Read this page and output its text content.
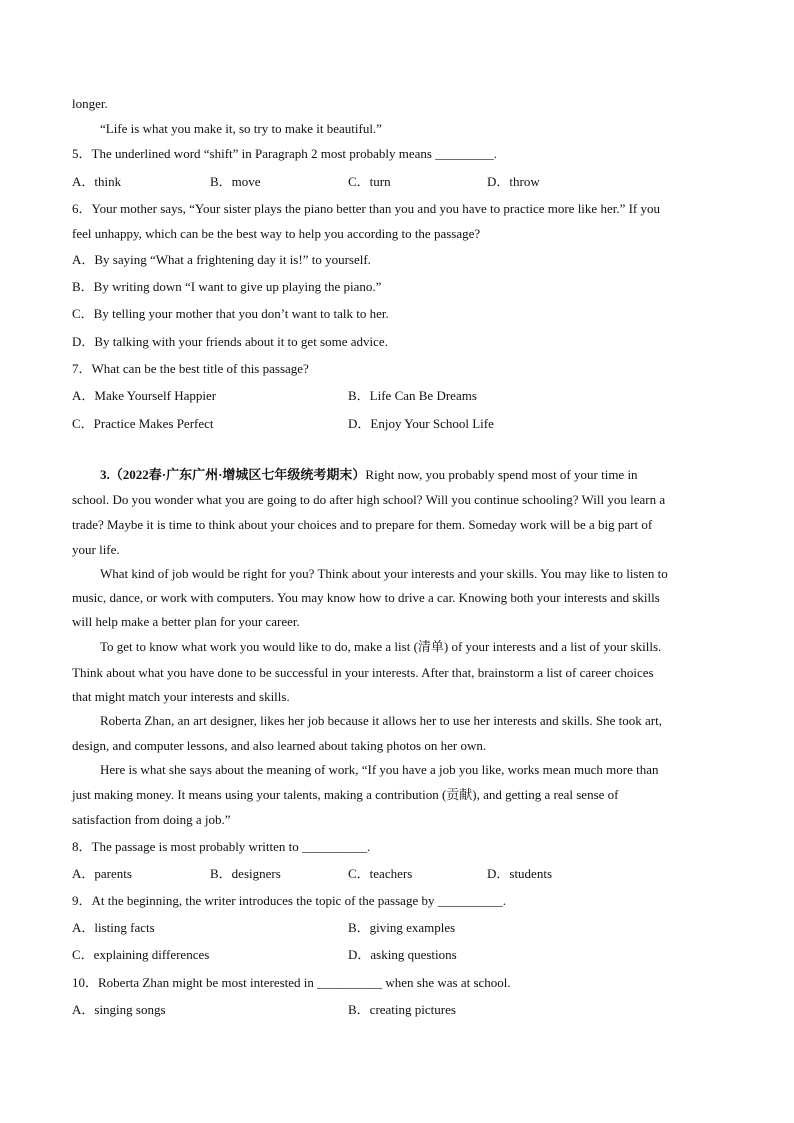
longer.
“Life is what you make it, so try to make it beautiful.”
5．The underlined word “shift” in Paragraph 2 most probably means _________.
A．think	B．move	C．turn	D．throw
6．Your mother says, “Your sister plays the piano better than you and you have to practice more like her.” If you
feel unhappy, which can be the best way to help you according to the passage?
A．By saying “What a frightening day it is!” to yourself.
B．By writing down “I want to give up playing the piano.”
C．By telling your mother that you don’t want to talk to her.
D．By talking with your friends about it to get some advice.
7．What can be the best title of this passage?
A．Make Yourself Happier	B．Life Can Be Dreams
C．Practice Makes Perfect	D．Enjoy Your School Life
3.（2022春·广东广州·增城区七年级统考期末）Right now, you probably spend most of your time in
school. Do you wonder what you are going to do after high school? Will you continue schooling? Will you learn a
trade? Maybe it is time to think about your choices and to prepare for them. Someday work will be a big part of
your life.
What kind of job would be right for you? Think about your interests and your skills. You may like to listen to
music, dance, or work with computers. You may know how to drive a car. Knowing both your interests and skills
will help make a better plan for your career.
To get to know what work you would like to do, make a list (清单) of your interests and a list of your skills.
Think about what you have done to be successful in your interests. After that, brainstorm a list of career choices
that might match your interests and skills.
Roberta Zhan, an art designer, likes her job because it allows her to use her interests and skills. She took art,
design, and computer lessons, and also learned about taking photos on her own.
Here is what she says about the meaning of work, “If you have a job you like, works mean much more than
just making money. It means using your talents, making a contribution (贡献), and getting a real sense of
satisfaction from doing a job.”
8．The passage is most probably written to __________.
A．parents	B．designers	C．teachers	D．students
9．At the beginning, the writer introduces the topic of the passage by __________.
A．listing facts	B．giving examples
C．explaining differences	D．asking questions
10．Roberta Zhan might be most interested in __________ when she was at school.
A．singing songs	B．creating pictures
